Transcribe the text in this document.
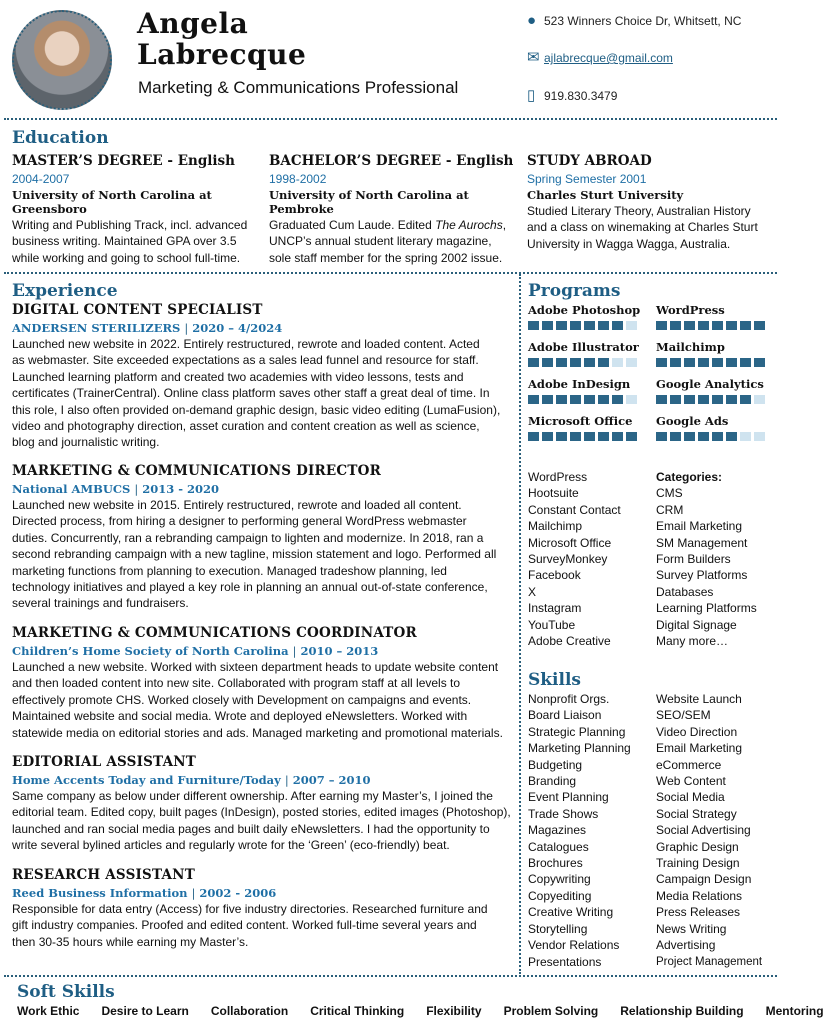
Angela
Labrecque
Marketing & Communications Professional
● 523 Winners Choice Dr, Whitsett, NC
✉ ajlabrecque@gmail.com
▯ 919.830.3479
Education
MASTER’S DEGREE - English
2004-2007
University of North Carolina at Greensboro
Writing and Publishing Track, incl. advanced
business writing. Maintained GPA over 3.5
while working and going to school full-time.
BACHELOR’S DEGREE - English
1998-2002
University of North Carolina at Pembroke
Graduated Cum Laude. Edited The Aurochs,
UNCP’s annual student literary magazine,
sole staff member for the spring 2002 issue.
STUDY ABROAD
Spring Semester 2001
Charles Sturt University
Studied Literary Theory, Australian History
and a class on winemaking at Charles Sturt
University in Wagga Wagga, Australia.
Experience
DIGITAL CONTENT SPECIALIST
ANDERSEN STERILIZERS | 2020 – 4/2024
Launched new website in 2022. Entirely restructured, rewrote and loaded content. Acted
as webmaster. Site exceeded expectations as a sales lead funnel and resource for staff.
Launched learning platform and created two academies with video lessons, tests and
certificates (TrainerCentral). Online class platform saves other staff a great deal of time. In
this role, I also often provided on-demand graphic design, basic video editing (LumaFusion),
video and photography direction, asset curation and content creation as well as science,
blog and journalistic writing.
MARKETING & COMMUNICATIONS DIRECTOR
National AMBUCS | 2013 - 2020
Launched new website in 2015. Entirely restructured, rewrote and loaded all content.
Directed process, from hiring a designer to performing general WordPress webmaster
duties. Concurrently, ran a rebranding campaign to lighten and modernize. In 2018, ran a
second rebranding campaign with a new tagline, mission statement and logo. Performed all
marketing functions from planning to execution. Managed tradeshow planning, led
technology initiatives and played a key role in planning an annual out-of-state conference,
several trainings and fundraisers.
MARKETING & COMMUNICATIONS COORDINATOR
Children’s Home Society of North Carolina | 2010 – 2013
Launched a new website. Worked with sixteen department heads to update website content
and then loaded content into new site. Collaborated with program staff at all levels to
effectively promote CHS. Worked closely with Development on campaigns and events.
Maintained website and social media. Wrote and deployed eNewsletters. Worked with
statewide media on editorial stories and ads. Managed marketing and promotional materials.
EDITORIAL ASSISTANT
Home Accents Today and Furniture/Today | 2007 – 2010
Same company as below under different ownership. After earning my Master’s, I joined the
editorial team. Edited copy, built pages (InDesign), posted stories, edited images (Photoshop),
launched and ran social media pages and built daily eNewsletters. I had the opportunity to
write several bylined articles and regularly wrote for the ‘Green’ (eco-friendly) beat.
RESEARCH ASSISTANT
Reed Business Information | 2002 - 2006
Responsible for data entry (Access) for five industry directories. Researched furniture and
gift industry companies. Proofed and edited content. Worked full-time several years and
then 30-35 hours while earning my Master’s.
Programs
Adobe Photoshop WordPress
Adobe Illustrator Mailchimp
Adobe InDesign	Google Analytics
Microsoft Office	Google Ads
WordPress
Hootsuite
Constant Contact
Mailchimp
Microsoft Office
SurveyMonkey
Facebook
X
Instagram
YouTube
Adobe Creative
Categories:
CMS
CRM
Email Marketing
SM Management
Form Builders
Survey Platforms
Databases
Learning Platforms
Digital Signage
Many more…
Skills
Nonprofit Orgs.
Board Liaison
Strategic Planning
Marketing Planning
Budgeting
Branding
Event Planning
Trade Shows
Magazines
Catalogues
Brochures
Copywriting
Copyediting
Creative Writing
Storytelling
Vendor Relations
Presentations
Website Launch
SEO/SEM
Video Direction
Email Marketing
eCommerce
Web Content
Social Media
Social Strategy
Social Advertising
Graphic Design
Training Design
Campaign Design
Media Relations
Press Releases
News Writing
Advertising
Project Management
Soft Skills
Work Ethic Desire to Learn Collaboration Critical Thinking Flexibility Problem Solving Relationship Building Mentoring
